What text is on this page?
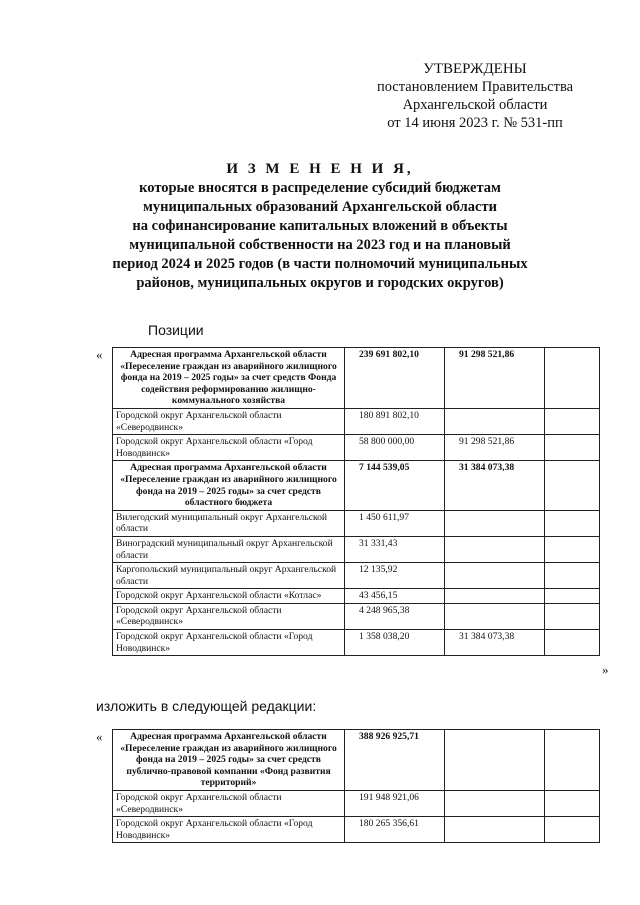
УТВЕРЖДЕНЫ
постановлением Правительства
Архангельской области
от 14 июня 2023 г. № 531-пп
И З М Е Н Е Н И Я,
которые вносятся в распределение субсидий бюджетам
муниципальных образований Архангельской области
на софинансирование капитальных вложений в объекты
муниципальной собственности на 2023 год и на плановый
период 2024 и 2025 годов (в части полномочий муниципальных
районов, муниципальных округов и городских округов)
Позиции
«
»
Адресная программа Архангельской области «Переселение граждан из аварийного жилищного фонда на 2019 – 2025 годы» за счет средств Фонда содействия реформированию жилищно-коммунального хозяйства	239 691 802,10	91 298 521,86	
Городской округ Архангельской области «Северодвинск»	180 891 802,10		
Городской округ Архангельской области «Город Новодвинск»	58 800 000,00	91 298 521,86	
Адресная программа Архангельской области «Переселение граждан из аварийного жилищного фонда на 2019 – 2025 годы» за счет средств областного бюджета	7 144 539,05	31 384 073,38	
Вилегодский муниципальный округ Архангельской области	1 450 611,97		
Виноградский муниципальный округ Архангельской области	31 331,43		
Каргопольский муниципальный округ Архангельской области	12 135,92		
Городской округ Архангельской области «Котлас»	43 456,15		
Городской округ Архангельской области «Северодвинск»	4 248 965,38		
Городской округ Архангельской области «Город Новодвинск»	1 358 038,20	31 384 073,38	
изложить в следующей редакции:
«	Адресная программа Архангельской области «Переселение граждан из аварийного жилищного фонда на 2019 – 2025 годы» за счет средств публично-правовой компании «Фонд развития территорий»	388 926 925,71		
Городской округ Архангельской области «Северодвинск»	191 948 921,06		
Городской округ Архангельской области «Город Новодвинск»	180 265 356,61		
